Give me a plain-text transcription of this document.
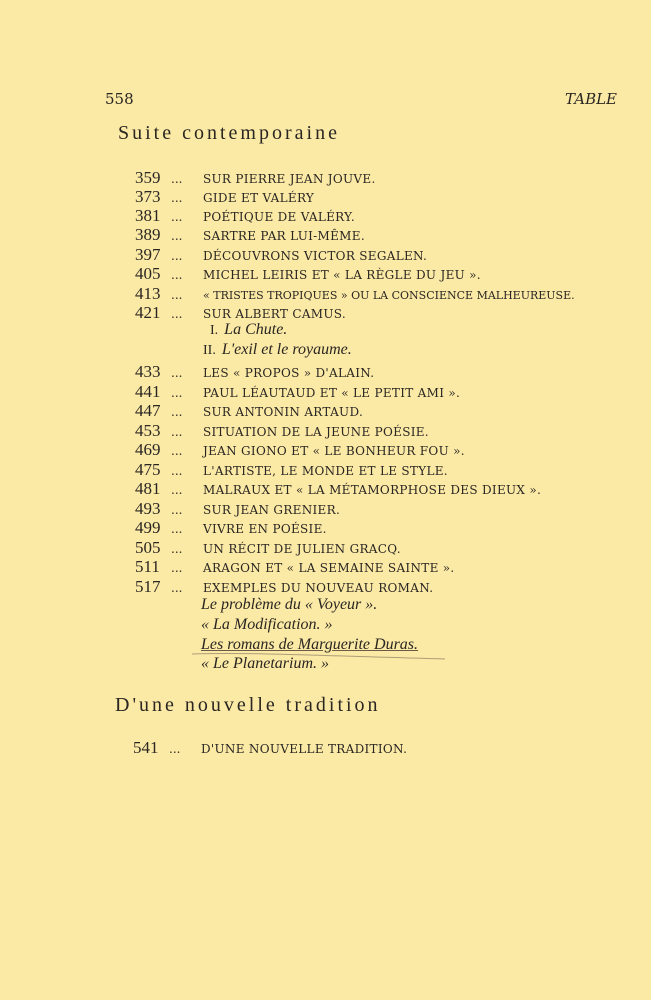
558	TABLE
Suite contemporaine
359 ... SUR PIERRE JEAN JOUVE.
373 ... GIDE ET VALÉRY
381 ... POÉTIQUE DE VALÉRY.
389 ... SARTRE PAR LUI-MÊME.
397 ... DÉCOUVRONS VICTOR SEGALEN.
405 ... MICHEL LEIRIS ET « LA RÈGLE DU JEU ».
413 ... « TRISTES TROPIQUES » OU LA CONSCIENCE MALHEUREUSE.
421 ... SUR ALBERT CAMUS.
I. La Chute.
II. L'exil et le royaume.
433 ... LES « PROPOS » D'ALAIN.
441 ... PAUL LÉAUTAUD ET « LE PETIT AMI ».
447 ... SUR ANTONIN ARTAUD.
453 ... SITUATION DE LA JEUNE POÉSIE.
469 ... JEAN GIONO ET « LE BONHEUR FOU ».
475 ... L'ARTISTE, LE MONDE ET LE STYLE.
481 ... MALRAUX ET « LA MÉTAMORPHOSE DES DIEUX ».
493 ... SUR JEAN GRENIER.
499 ... VIVRE EN POÉSIE.
505 ... UN RÉCIT DE JULIEN GRACQ.
511 ... ARAGON ET « LA SEMAINE SAINTE ».
517 ... EXEMPLES DU NOUVEAU ROMAN.
Le problème du « Voyeur ».
« La Modification. »
Les romans de Marguerite Duras.
« Le Planetarium. »
D'une nouvelle tradition
541 ... D'UNE NOUVELLE TRADITION.
